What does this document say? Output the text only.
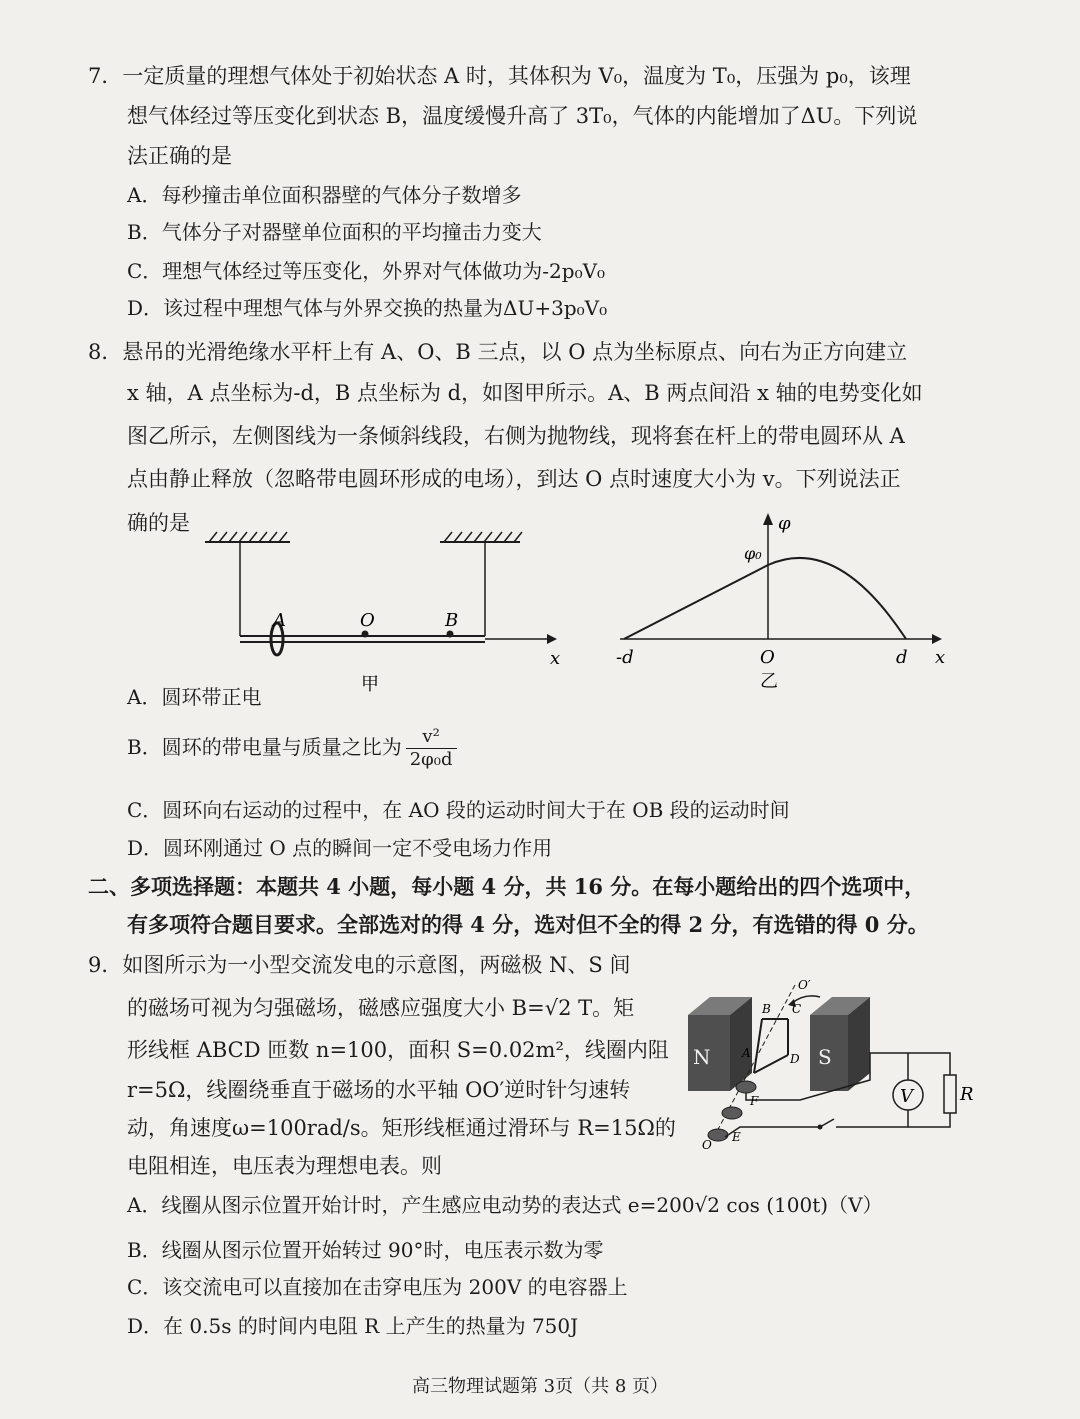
7．一定质量的理想气体处于初始状态 A 时，其体积为 V₀，温度为 T₀，压强为 p₀，该理
想气体经过等压变化到状态 B，温度缓慢升高了 3T₀，气体的内能增加了ΔU。下列说
法正确的是
A．每秒撞击单位面积器壁的气体分子数增多
B．气体分子对器壁单位面积的平均撞击力变大
C．理想气体经过等压变化，外界对气体做功为-2p₀V₀
D．该过程中理想气体与外界交换的热量为ΔU+3p₀V₀
8．悬吊的光滑绝缘水平杆上有 A、O、B 三点，以 O 点为坐标原点、向右为正方向建立
x 轴，A 点坐标为-d，B 点坐标为 d，如图甲所示。A、B 两点间沿 x 轴的电势变化如
图乙所示，左侧图线为一条倾斜线段，右侧为抛物线，现将套在杆上的带电圆环从 A
点由静止释放（忽略带电圆环形成的电场），到达 O 点时速度大小为 v。下列说法正
确的是
A	O	B
x
甲
φ
φ₀
-d	O	d x
乙
A．圆环带正电
B．圆环的带电量与质量之比为 $\frac{\text{v²}}{\text{2φ₀d}}$
C．圆环向右运动的过程中，在 AO 段的运动时间大于在 OB 段的运动时间
D．圆环刚通过 O 点的瞬间一定不受电场力作用
二、多项选择题：本题共 4 小题，每小题 4 分，共 16 分。在每小题给出的四个选项中，
有多项符合题目要求。全部选对的得 4 分，选对但不全的得 2 分，有选错的得 0 分。
9．如图所示为一小型交流发电的示意图，两磁极 N、S 间
的磁场可视为匀强磁场，磁感应强度大小 B=√2 T。矩
形线框 ABCD 匝数 n=100，面积 S=0.02m²，线圈内阻
r=5Ω，线圈绕垂直于磁场的水平轴 OO′逆时针匀速转
动，角速度ω=100rad/s。矩形线框通过滑环与 R=15Ω的
电阻相连，电压表为理想电表。则
N	S
V	R
A
B C
D
F
E
O
O′
A．线圈从图示位置开始计时，产生感应电动势的表达式 e=200√2 cos (100t)（V）
B．线圈从图示位置开始转过 90°时，电压表示数为零
C．该交流电可以直接加在击穿电压为 200V 的电容器上
D．在 0.5s 的时间内电阻 R 上产生的热量为 750J
高三物理试题第 3页（共 8 页）
